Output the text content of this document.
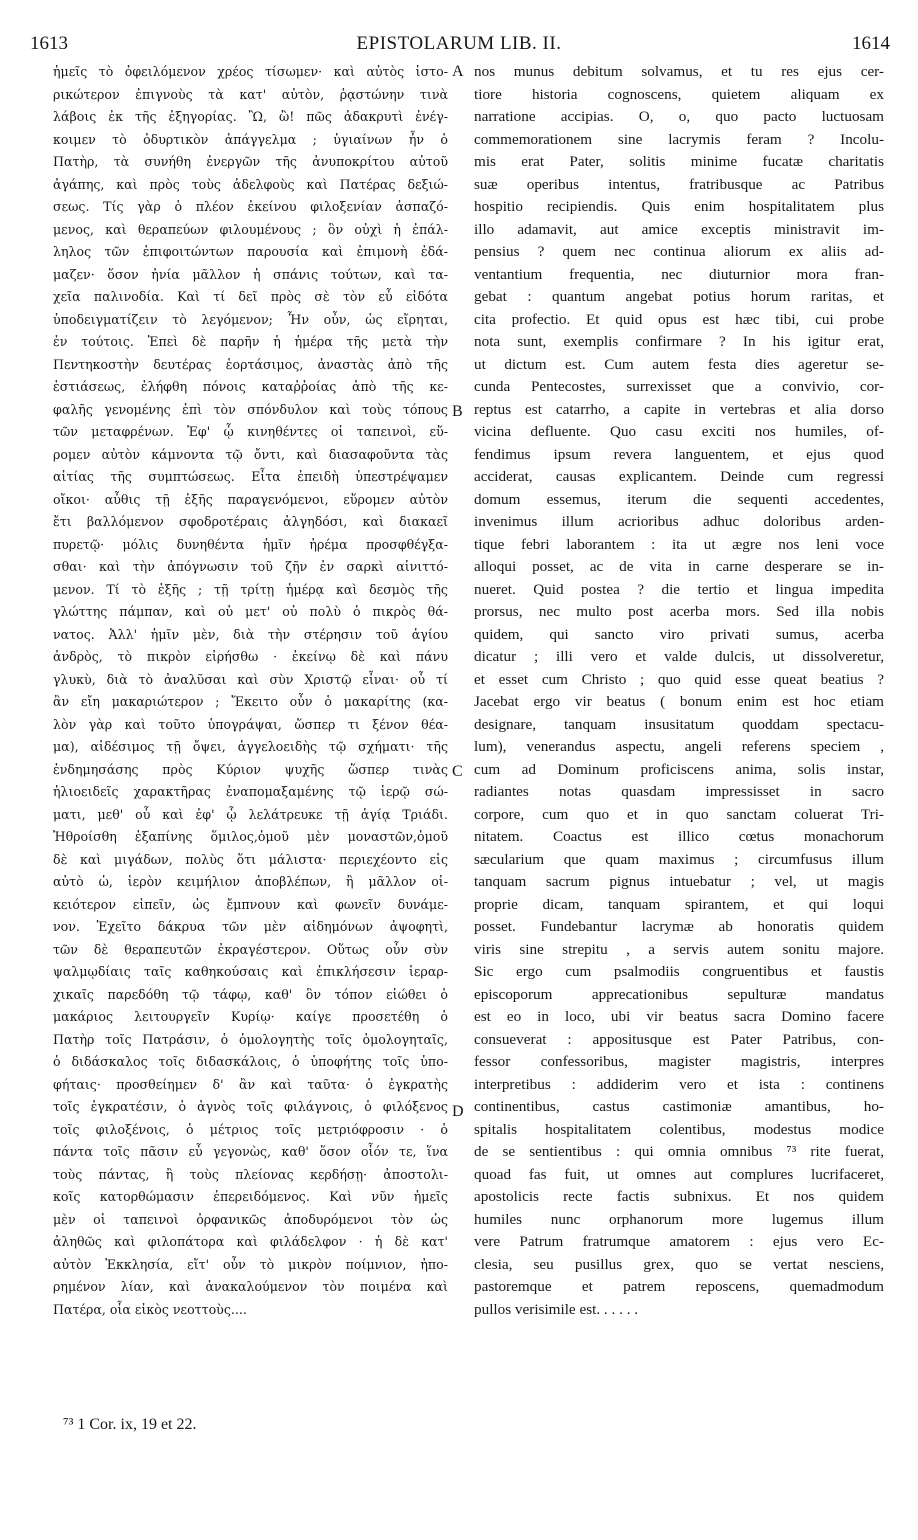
1613	EPISTOLARUM LIB. II.	1614
ἡμεῖς τὸ ὀφειλόμενον χρέος τίσωμεν· καὶ αὐτὸς ἱστο-
ρικώτερον ἐπιγνοὺς τὰ κατ' αὐτὸν, ῥᾳστώνην τινὰ
λάβοις ἐκ τῆς ἐξηγορίας. Ὢ, ὢ! πῶς ἀδακρυτὶ ἐνέγ-
κοιμεν τὸ ὀδυρτικὸν ἀπάγγελμα ; ὑγιαίνων ἦν ὁ
Πατὴρ, τὰ συνήθη ἐνεργῶν τῆς ἀνυποκρίτου αὐτοῦ
ἀγάπης, καὶ πρὸς τοὺς ἀδελφοὺς καὶ Πατέρας δεξιώ-
σεως. Τίς γὰρ ὁ πλέον ἐκείνου φιλοξενίαν ἀσπαζό-
μενος, καὶ θεραπεύων φιλουμένους ; ὃν οὐχὶ ἡ ἐπάλ-
ληλος τῶν ἐπιφοιτώντων παρουσία καὶ ἐπιμονὴ ἐδά-
μαζεν· ὅσον ἠνία μᾶλλον ἡ σπάνις τούτων, καὶ τα-
χεῖα παλινοδία. Καὶ τί δεῖ πρὸς σὲ τὸν εὖ εἰδότα
ὑποδειγματίζειν τὸ λεγόμενον; Ἦν οὖν, ὡς εἴρηται,
ἐν τούτοις. Ἐπεὶ δὲ παρῆν ἡ ἡμέρα τῆς μετὰ τὴν
Πεντηκοστὴν δευτέρας ἑορτάσιμος, ἀναστὰς ἀπὸ τῆς
ἑστιάσεως, ἐλήφθη πόνοις καταῤῥοίας ἀπὸ τῆς κε-
φαλῆς γενομένης ἐπὶ τὸν σπόνδυλον καὶ τοὺς τόπους
τῶν μεταφρένων. Ἐφ' ᾧ κινηθέντες οἱ ταπεινοὶ, εὕ-
ρομεν αὐτὸν κάμνοντα τῷ ὄντι, καὶ διασαφοῦντα τὰς
αἰτίας τῆς συμπτώσεως. Εἶτα ἐπειδὴ ὑπεστρέψαμεν
οἴκοι· αὖθις τῇ ἑξῆς παραγενόμενοι, εὕρομεν αὐτὸν
ἔτι βαλλόμενον σφοδροτέραις ἀλγηδόσι, καὶ διακαεῖ
πυρετῷ· μόλις δυνηθέντα ἡμῖν ἠρέμα προσφθέγξα-
σθαι· καὶ τὴν ἀπόγνωσιν τοῦ ζῆν ἐν σαρκὶ αἰνιττό-
μενον. Τί τὸ ἐξῆς ; τῇ τρίτῃ ἡμέρᾳ καὶ δεσμὸς τῆς
γλώττης πάμπαν, καὶ οὐ μετ' οὐ πολὺ ὁ πικρὸς θά-
νατος. Ἀλλ' ἡμῖν μὲν, διὰ τὴν στέρησιν τοῦ ἁγίου
ἀνδρὸς, τὸ πικρὸν εἰρήσθω · ἐκείνῳ δὲ καὶ πάνυ
γλυκὺ, διὰ τὸ ἀναλῦσαι καὶ σὺν Χριστῷ εἶναι· οὗ τί
ἂν εἴη μακαριώτερον ; Ἔκειτο οὖν ὁ μακαρίτης (κα-
λὸν γὰρ καὶ τοῦτο ὑπογράψαι, ὥσπερ τι ξένον θέα-
μα), αἰδέσιμος τῇ ὄψει, ἀγγελοειδὴς τῷ σχήματι· τῆς
ἐνδημησάσης πρὸς Κύριον ψυχῆς ὥσπερ τινὰς
ἡλιοειδεῖς χαρακτῆρας ἐναπομαξαμένης τῷ ἱερῷ σώ-
ματι, μεθ' οὗ καὶ ἐφ' ᾧ λελάτρευκε τῇ ἁγίᾳ Τριάδι.
Ἠθροίσθη ἐξαπίνης ὅμιλος,ὁμοῦ μὲν μοναστῶν,ὁμοῦ
δὲ καὶ μιγάδων, πολὺς ὅτι μάλιστα· περιεχέοντο εἰς
αὐτὸ ὡ, ἱερὸν κειμήλιον ἀποβλέπων, ἢ μᾶλλον οἰ-
κειότερον εἰπεῖν, ὡς ἔμπνουν καὶ φωνεῖν δυνάμε-
νον. Ἐχεῖτο δάκρυα τῶν μὲν αἰδημόνων ἀψοφητὶ,
τῶν δὲ θεραπευτῶν ἐκραγέστερον. Οὕτως οὖν σὺν
ψαλμῳδίαις ταῖς καθηκούσαις καὶ ἐπικλήσεσιν ἱεραρ-
χικαῖς παρεδόθη τῷ τάφῳ, καθ' ὃν τόπον εἰώθει ὁ
μακάριος λειτουργεῖν Κυρίῳ· καίγε προσετέθη ὁ
Πατὴρ τοῖς Πατράσιν, ὁ ὁμολογητὴς τοῖς ὁμολογηταῖς,
ὁ διδάσκαλος τοῖς διδασκάλοις, ὁ ὑποφήτης τοῖς ὑπο-
φήταις· προσθείημεν δ' ἂν καὶ ταῦτα· ὁ ἐγκρατὴς
τοῖς ἐγκρατέσιν, ὁ ἁγνὸς τοῖς φιλάγνοις, ὁ φιλόξενος
τοῖς φιλοξένοις, ὁ μέτριος τοῖς μετριόφροσιν · ὁ
πάντα τοῖς πᾶσιν εὖ γεγονὼς, καθ' ὅσον οἷόν τε, ἵνα
τοὺς πάντας, ἢ τοὺς πλείονας κερδήσῃ· ἀποστολι-
κοῖς κατορθώμασιν ἐπερειδόμενος. Καὶ νῦν ἡμεῖς
μὲν οἱ ταπεινοὶ ὀρφανικῶς ἀποδυρόμενοι τὸν ὡς
ἀληθῶς καὶ φιλοπάτορα καὶ φιλάδελφον · ἡ δὲ κατ'
αὐτὸν Ἐκκλησία, εἴτ' οὖν τὸ μικρὸν ποίμνιον, ἠπο-
ρημένον λίαν, καὶ ἀνακαλούμενον τὸν ποιμένα καὶ
Πατέρα, οἷα εἰκὸς νεοττοὺς....
nos munus debitum solvamus, et tu res ejus cer-
tiore historia cognoscens, quietem aliquam ex
narratione accipias. O, o, quo pacto luctuosam
commemorationem sine lacrymis feram ? Incolu-
mis erat Pater, solitis minime fucatæ charitatis
suæ operibus intentus, fratribusque ac Patribus
hospitio recipiendis. Quis enim hospitalitatem plus
illo adamavit, aut amice exceptis ministravit im-
pensius ? quem nec continua aliorum ex aliis ad-
ventantium frequentia, nec diuturnior mora fran-
gebat : quantum angebat potius horum raritas, et
cita profectio. Et quid opus est hæc tibi, cui probe
nota sunt, exemplis confirmare ? In his igitur erat,
ut dictum est. Cum autem festa dies ageretur se-
cunda Pentecostes, surrexisset que a convivio, cor-
reptus est catarrho, a capite in vertebras et alia dorso
vicina defluente. Quo casu exciti nos humiles, of-
fendimus ipsum revera languentem, et ejus quod
acciderat, causas explicantem. Deinde cum regressi
domum essemus, iterum die sequenti accedentes,
invenimus illum acrioribus adhuc doloribus arden-
tique febri laborantem : ita ut ægre nos leni voce
alloqui posset, ac de vita in carne desperare se in-
nueret. Quid postea ? die tertio et lingua impedita
prorsus, nec multo post acerba mors. Sed illa nobis
quidem, qui sancto viro privati sumus, acerba
dicatur ; illi vero et valde dulcis, ut dissolveretur,
et esset cum Christo ; quo quid esse queat beatius ?
Jacebat ergo vir beatus ( bonum enim est hoc etiam
designare, tanquam insusitatum quoddam spectacu-
lum), venerandus aspectu, angeli referens speciem ,
cum ad Dominum proficiscens anima, solis instar,
radiantes notas quasdam impressisset in sacro
corpore, cum quo et in quo sanctam coluerat Tri-
nitatem. Coactus est illico cœtus monachorum
sæcularium que quam maximus ; circumfusus illum
tanquam sacrum pignus intuebatur ; vel, ut magis
proprie dicam, tanquam spirantem, et qui loqui
posset. Fundebantur lacrymæ ab honoratis quidem
viris sine strepitu , a servis autem sonitu majore.
Sic ergo cum psalmodiis congruentibus et faustis
episcoporum apprecationibus sepulturæ mandatus
est eo in loco, ubi vir beatus sacra Domino facere
consueverat : appositusque est Pater Patribus, con-
fessor confessoribus, magister magistris, interpres
interpretibus : addiderim vero et ista : continens
continentibus, castus castimoniæ amantibus, ho-
spitalis hospitalitatem colentibus, modestus modice
de se sentientibus : qui omnia omnibus ⁷³ rite fuerat,
quoad fas fuit, ut omnes aut complures lucrifaceret,
apostolicis recte factis subnixus. Et nos quidem
humiles nunc orphanorum more lugemus illum
vere Patrum fratrumque amatorem : ejus vero Ec-
clesia, seu pusillus grex, quo se vertat nesciens,
pastoremque et patrem reposcens, quemadmodum
pullos verisimile est. . . . . .
A
B
C
D
⁷³ 1 Cor. ix, 19 et 22.
